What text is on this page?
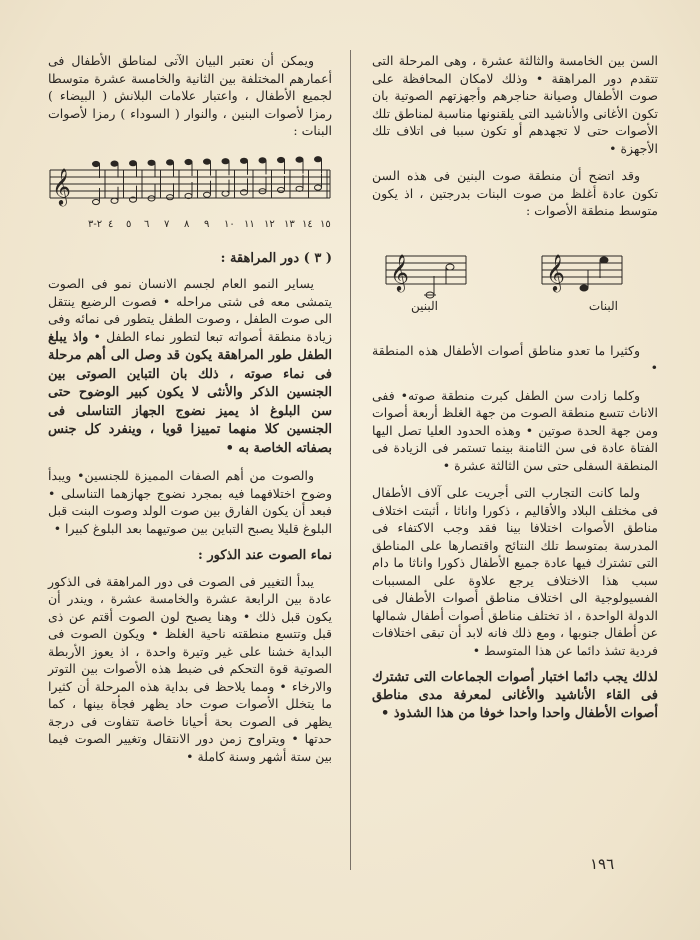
السن بين الخامسة والثالثة عشرة ، وهى المرحلة التى تتقدم دور المراهقة • وذلك لامكان المحافظة على صوت الأطفال وصيانة حناجرهم وأجهزتهم الصوتية بان تكون الأغانى والأناشيد التى يلقنونها مناسبة لمناطق تلك الأصوات حتى لا تجهدهم أو تكون سببا فى اتلاف تلك الأجهزة •

وقد اتضح أن منطقة صوت البنين فى هذه السن تكون عادة أغلظ من صوت البنات بدرجتين ، اذ يكون متوسط منطقة الأصوات :

𝄞
𝄞
البنين	البنات

وكثيرا ما تعدو مناطق أصوات الأطفال هذه المنطقة •

وكلما زادت سن الطفل كبرت منطقة صوته• ففى الاناث تتسع منطقة الصوت من جهة الغلظ أربعة أصوات ومن جهة الحدة صوتين • وهذه الحدود العليا تصل اليها الفتاة عادة فى سن الثامنة بينما تستمر فى الزيادة فى المنطقة السفلى حتى سن الثالثة عشرة •

ولما كانت التجارب التى أجريت على آلاف الأطفال فى مختلف البلاد والأقاليم ، ذكورا واناثا ، أثبتت اختلاف مناطق الأصوات اختلافا بينا فقد وجب الاكتفاء فى المدرسة بمتوسط تلك النتائج واقتصارها على المناطق التى تشترك فيها عادة جميع الأطفال ذكورا واناثا ما دام سبب هذا الاختلاف يرجع علاوة على المسببات الفسيولوجية الى اختلاف مناطق أصوات الأطفال فى الدولة الواحدة ، اذ تختلف مناطق أصوات أطفال شمالها عن أطفال جنوبها ، ومع ذلك فانه لابد أن تبقى اختلافات فردية تشذ دائما عن هذا المتوسط •

لذلك يجب دائما اختبار أصوات الجماعات التى تشترك فى القاء الأناشيد والأغانى لمعرفة مدى مناطق أصوات الأطفال واحدا واحدا خوفا من هذا الشذوذ •

ويمكن أن نعتبر البيان الآتى لمناطق الأطفال فى أعمارهم المختلفة بين الثانية والخامسة عشرة متوسطا لجميع الأطفال ، واعتبار علامات البلانش ( البيضاء ) رمزا لأصوات البنين ، والنوار ( السوداء ) رمزا لأصوات البنات :

𝄞
٢-٣ ٤ ٥ ٦ ٧ ٨ ٩ ١٠ ١١ ١٢ ١٣ ١٤ ١٥
( ٣ ) دور المراهقة :

يساير النمو العام لجسم الانسان نمو فى الصوت يتمشى معه فى شتى مراحله • فصوت الرضيع ينتقل الى صوت الطفل ، وصوت الطفل يتطور فى نمائه وفى زيادة منطقة أصواته تبعا لتطور نماء الطفل • واذ يبلغ الطفل طور المراهقة يكون قد وصل الى أهم مرحلة فى نماء صوته ، ذلك بان التباين الصوتى بين الجنسين الذكر والأنثى لا يكون كبير الوضوح حتى سن البلوغ اذ يميز نضوج الجهاز التناسلى فى الجنسين كلا منهما تمييزا قويا ، وينفرد كل جنس بصفاته الخاصة به •

والصوت من أهم الصفات المميزة للجنسين• ويبدأ وضوح اختلافهما فيه بمجرد نضوج جهازهما التناسلى • فبعد أن يكون الفارق بين صوت الولد وصوت البنت قبل البلوغ قليلا يصبح التباين بين صوتيهما بعد البلوغ كبيرا •

نماء الصوت عند الذكور :

يبدأ التغيير فى الصوت فى دور المراهقة فى الذكور عادة بين الرابعة عشرة والخامسة عشرة ، ويندر أن يكون قبل ذلك • وهنا يصبح لون الصوت أقتم عن ذى قبل وتتسع منطقته ناحية الغلظ • ويكون الصوت فى البداية خشنا على غير وتيرة واحدة ، اذ يعوز الأربطة الصوتية قوة التحكم فى ضبط هذه الأصوات بين التوتر والارخاء • ومما يلاحظ فى بداية هذه المرحلة أن كثيرا ما يتخلل الأصوات صوت حاد يظهر فجأة بينها ، كما يظهر فى الصوت بحة أحيانا خاصة تتفاوت فى درجة حدتها • ويتراوح زمن دور الانتقال وتغيير الصوت فيما بين ستة أشهر وسنة كاملة •

١٩٦
